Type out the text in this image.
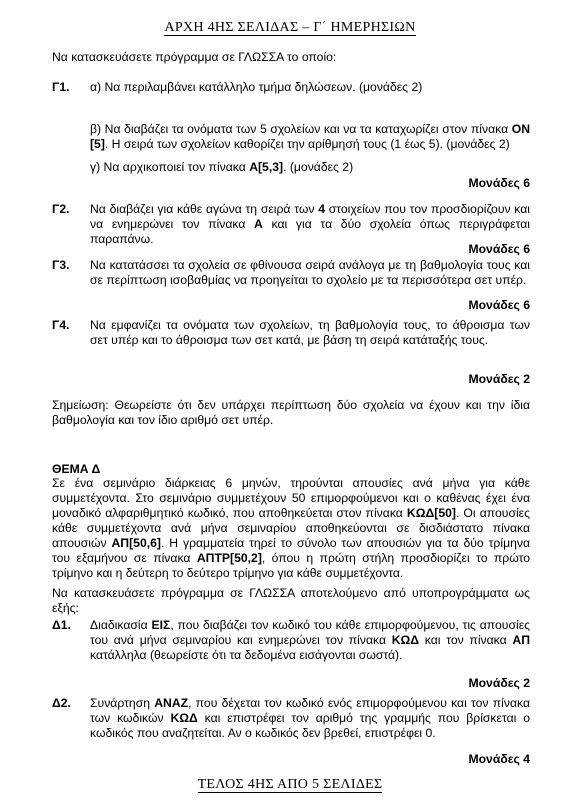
ΑΡΧΗ 4ΗΣ ΣΕΛΙΔΑΣ – Γ΄ ΗΜΕΡΗΣΙΩΝ
Να κατασκευάσετε πρόγραμμα σε ΓΛΩΣΣΑ το οποίο:
Γ1. α) Να περιλαμβάνει κατάλληλο τμήμα δηλώσεων. (μονάδες 2)
β) Να διαβάζει τα ονόματα των 5 σχολείων και να τα καταχωρίζει στον πίνακα ΟΝ [5]. Η σειρά των σχολείων καθορίζει την αρίθμησή τους (1 έως 5). (μονάδες 2)
γ) Να αρχικοποιεί τον πίνακα Α[5,3]. (μονάδες 2)
Μονάδες 6
Γ2. Να διαβάζει για κάθε αγώνα τη σειρά των 4 στοιχείων που τον προσδιορίζουν και να ενημερώνει τον πίνακα Α και για τα δύο σχολεία όπως περιγράφεται παραπάνω.
Μονάδες 6
Γ3. Να κατατάσσει τα σχολεία σε φθίνουσα σειρά ανάλογα με τη βαθμολογία τους και σε περίπτωση ισοβαθμίας να προηγείται το σχολείο με τα περισσότερα σετ υπέρ.
Μονάδες 6
Γ4. Να εμφανίζει τα ονόματα των σχολείων, τη βαθμολογία τους, το άθροισμα των σετ υπέρ και το άθροισμα των σετ κατά, με βάση τη σειρά κατάταξής τους.
Μονάδες 2
Σημείωση: Θεωρείστε ότι δεν υπάρχει περίπτωση δύο σχολεία να έχουν και την ίδια βαθμολογία και τον ίδιο αριθμό σετ υπέρ.
ΘΕΜΑ Δ
Σε ένα σεμινάριο διάρκειας 6 μηνών, τηρούνται απουσίες ανά μήνα για κάθε συμμετέχοντα. Στο σεμινάριο συμμετέχουν 50 επιμορφούμενοι και ο καθένας έχει ένα μοναδικό αλφαριθμητικό κωδικό, που αποθηκεύεται στον πίνακα ΚΩΔ[50]. Οι απουσίες κάθε συμμετέχοντα ανά μήνα σεμιναρίου αποθηκεύονται σε δισδιάστατο πίνακα απουσιών ΑΠ[50,6]. Η γραμματεία τηρεί το σύνολο των απουσιών για τα δύο τρίμηνα του εξαμήνου σε πίνακα ΑΠΤΡ[50,2], όπου η πρώτη στήλη προσδιορίζει το πρώτο τρίμηνο και η δεύτερη το δεύτερο τρίμηνο για κάθε συμμετέχοντα.
Να κατασκευάσετε πρόγραμμα σε ΓΛΩΣΣΑ αποτελούμενο από υποπρογράμματα ως εξής:
Δ1. Διαδικασία ΕΙΣ, που διαβάζει τον κωδικό του κάθε επιμορφούμενου, τις απουσίες του ανά μήνα σεμιναρίου και ενημερώνει τον πίνακα ΚΩΔ και τον πίνακα ΑΠ κατάλληλα (θεωρείστε ότι τα δεδομένα εισάγονται σωστά).
Μονάδες 2
Δ2. Συνάρτηση ΑΝΑΖ, που δέχεται τον κωδικό ενός επιμορφούμενου και τον πίνακα των κωδικών ΚΩΔ και επιστρέφει τον αριθμό της γραμμής που βρίσκεται ο κωδικός που αναζητείται. Αν ο κωδικός δεν βρεθεί, επιστρέφει 0.
Μονάδες 4
ΤΕΛΟΣ 4ΗΣ ΑΠΟ 5 ΣΕΛΙΔΕΣ
